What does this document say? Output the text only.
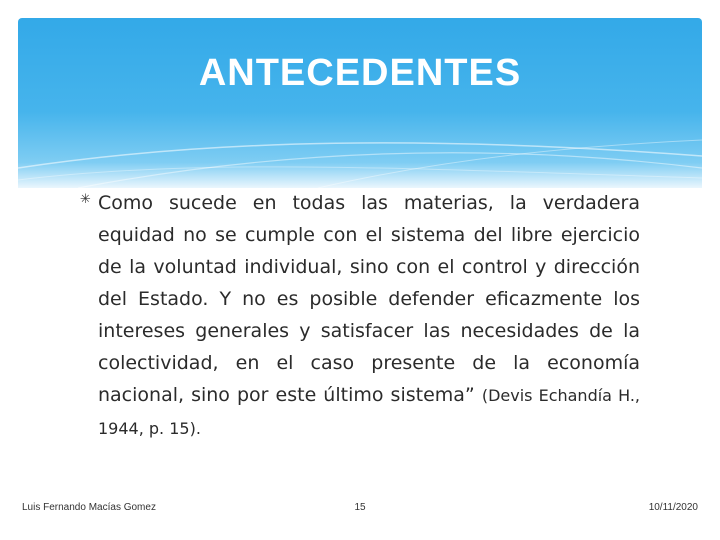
ANTECEDENTES
✳ Como sucede en todas las materias, la verdadera equidad no se cumple con el sistema del libre ejercicio de la voluntad individual, sino con el control y dirección del Estado. Y no es posible defender eficazmente los intereses generales y satisfacer las necesidades de la colectividad, en el caso presente de la economía nacional, sino por este último sistema” (Devis Echandía H., 1944, p. 15).
Luis Fernando Macías Gomez	15	10/11/2020
